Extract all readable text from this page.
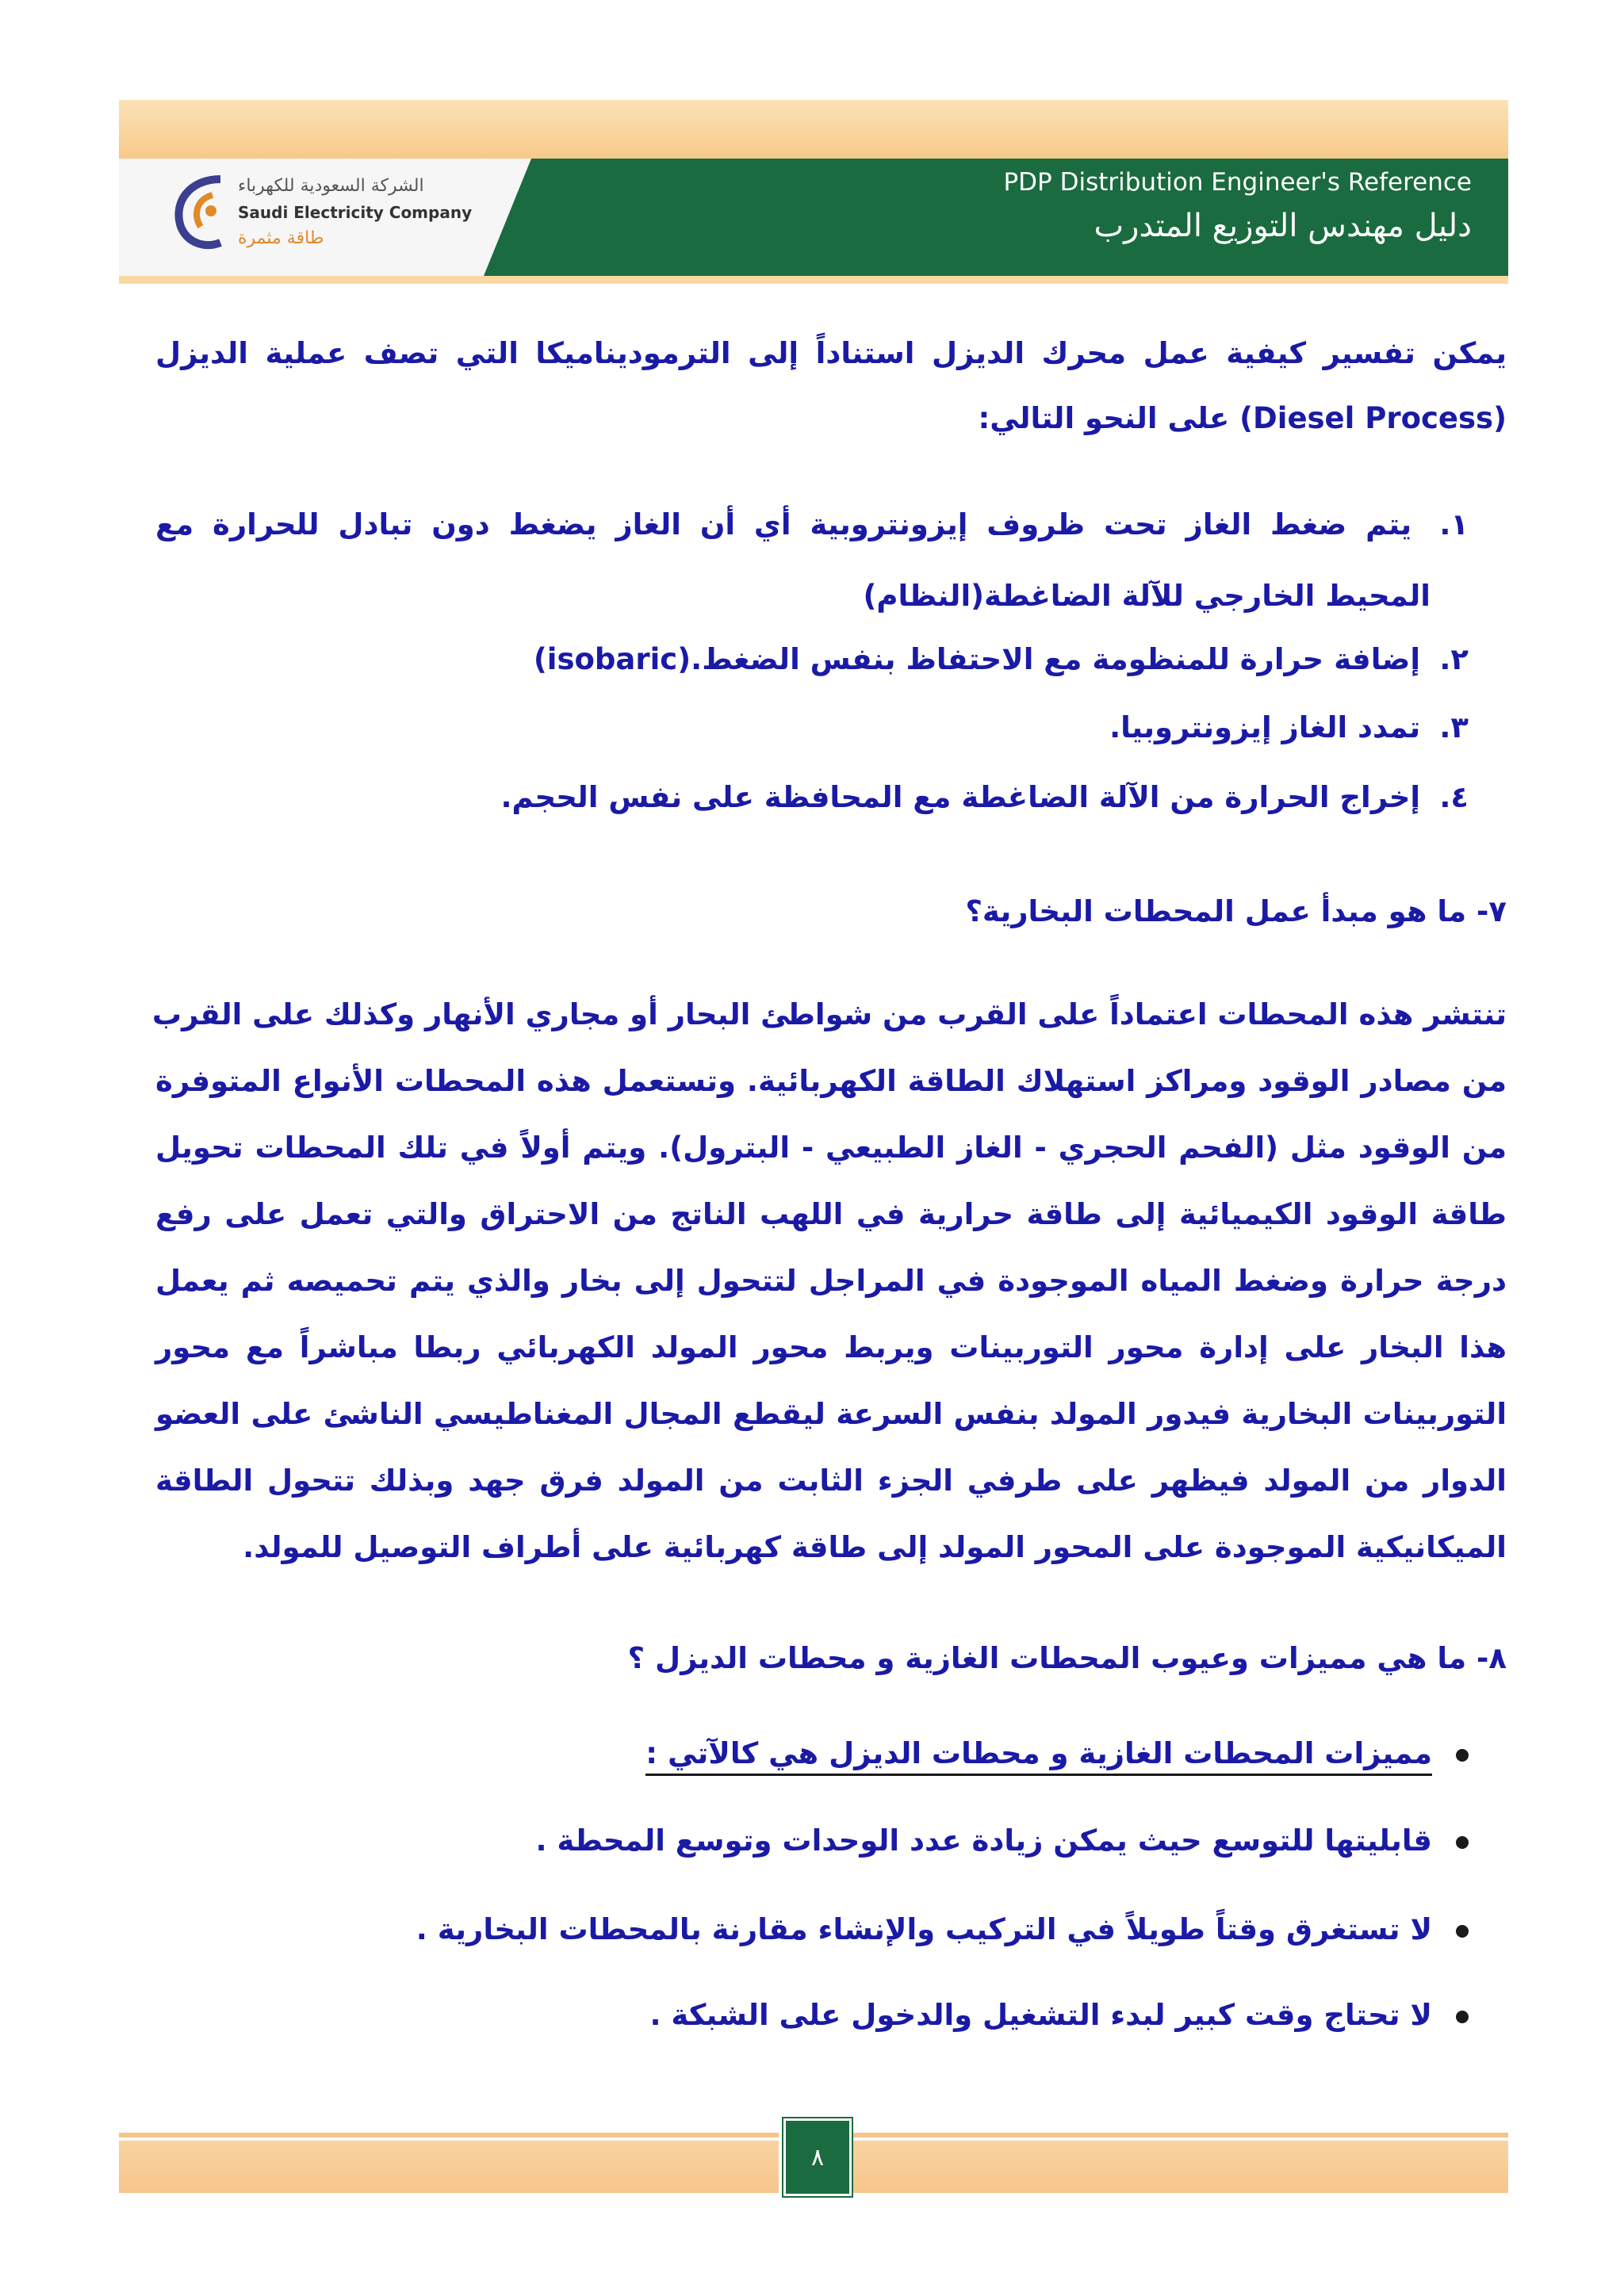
الشركة السعودية للكهرباء
Saudi Electricity Company
طاقة مثمرة
PDP Distribution Engineer's Reference
دليل مهندس التوزيع المتدرب
يمكن تفسير كيفية عمل محرك الديزل استناداً إلى الترموديناميكا التي تصف عملية الديزل
(Diesel Process) على النحو التالي:
١. يتم ضغط الغاز تحت ظروف إيزونتروبية أي أن الغاز يضغط دون تبادل للحرارة مع
المحيط الخارجي للآلة الضاغطة(النظام)
٢. إضافة حرارة للمنظومة مع الاحتفاظ بنفس الضغط.(isobaric)
٣. تمدد الغاز إيزونتروبيا.
٤. إخراج الحرارة من الآلة الضاغطة مع المحافظة على نفس الحجم.
٧- ما هو مبدأ عمل المحطات البخارية؟
تنتشر هذه المحطات اعتماداً على القرب من شواطئ البحار أو مجاري الأنهار وكذلك على القرب
من مصادر الوقود ومراكز استهلاك الطاقة الكهربائية. وتستعمل هذه المحطات الأنواع المتوفرة
من الوقود مثل (الفحم الحجري - الغاز الطبيعي - البترول). ويتم أولاً في تلك المحطات تحويل
طاقة الوقود الكيميائية إلى طاقة حرارية في اللهب الناتج من الاحتراق والتي تعمل على رفع
درجة حرارة وضغط المياه الموجودة في المراجل لتتحول إلى بخار والذي يتم تحميصه ثم يعمل
هذا البخار على إدارة محور التوربينات ويربط محور المولد الكهربائي ربطا مباشراً مع محور
التوربينات البخارية فيدور المولد بنفس السرعة ليقطع المجال المغناطيسي الناشئ على العضو
الدوار من المولد فيظهر على طرفي الجزء الثابت من المولد فرق جهد وبذلك تتحول الطاقة
الميكانيكية الموجودة على المحور المولد إلى طاقة كهربائية على أطراف التوصيل للمولد.
٨- ما هي مميزات وعيوب المحطات الغازية و محطات الديزل ؟
مميزات المحطات الغازية و محطات الديزل هي كالآتي :
قابليتها للتوسع حيث يمكن زيادة عدد الوحدات وتوسع المحطة .
لا تستغرق وقتاً طويلاً في التركيب والإنشاء مقارنة بالمحطات البخارية .
لا تحتاج وقت كبير لبدء التشغيل والدخول على الشبكة .
٨
